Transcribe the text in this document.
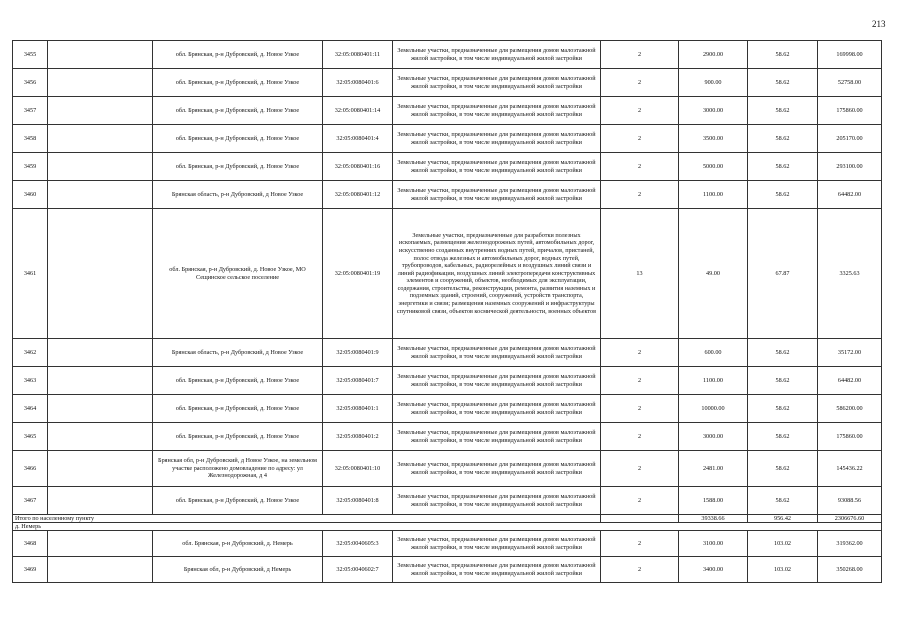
213
3455		обл. Брянская, р-н Дубровский, д. Новое Узкое	32:05:0080401:11	Земельные участки, предназначенные для размещения домов малоэтажной жилой застройки, в том числе индивидуальной жилой застройки	2	2900.00	58.62	169998.00
3456		обл. Брянская, р-н Дубровский, д. Новое Узкое	32:05:0080401:6	Земельные участки, предназначенные для размещения домов малоэтажной жилой застройки, в том числе индивидуальной жилой застройки	2	900.00	58.62	52758.00
3457		обл. Брянская, р-н Дубровский, д. Новое Узкое	32:05:0080401:14	Земельные участки, предназначенные для размещения домов малоэтажной жилой застройки, в том числе индивидуальной жилой застройки	2	3000.00	58.62	175860.00
3458		обл. Брянская, р-н Дубровский, д. Новое Узкое	32:05:0080401:4	Земельные участки, предназначенные для размещения домов малоэтажной жилой застройки, в том числе индивидуальной жилой застройки	2	3500.00	58.62	205170.00
3459		обл. Брянская, р-н Дубровский, д. Новое Узкое	32:05:0080401:16	Земельные участки, предназначенные для размещения домов малоэтажной жилой застройки, в том числе индивидуальной жилой застройки	2	5000.00	58.62	293100.00
3460		Брянская область, р-н Дубровский, д Новое Узкое	32:05:0080401:12	Земельные участки, предназначенные для размещения домов малоэтажной жилой застройки, в том числе индивидуальной жилой застройки	2	1100.00	58.62	64482.00
3461		обл. Брянская, р-н Дубровский, д. Новое Узкое, МО Сещинское сельское поселение	32:05:0080401:19	Земельные участки, предназначенные для разработки полезных ископаемых, размещения железнодорожных путей, автомобильных дорог, искусственно созданных внутренних водных путей, причалов, пристаней, полос отвода железных и автомобильных дорог, водных путей, трубопроводов, кабельных, радиорелейных и воздушных линий связи и линий радиофикации, воздушных линий электропередачи конструктивных элементов и сооружений, объектов, необходимых для эксплуатации, содержания, строительства, реконструкции, ремонта, развития наземных и подземных зданий, строений, сооружений, устройств транспорта, энергетики и связи; размещения наземных сооружений и инфраструктуры спутниковой связи, объектов космической деятельности, военных объектов	13	49.00	67.87	3325.63
3462		Брянская область, р-н Дубровский, д Новое Узкое	32:05:0080401:9	Земельные участки, предназначенные для размещения домов малоэтажной жилой застройки, в том числе индивидуальной жилой застройки	2	600.00	58.62	35172.00
3463		обл. Брянская, р-н Дубровский, д. Новое Узкое	32:05:0080401:7	Земельные участки, предназначенные для размещения домов малоэтажной жилой застройки, в том числе индивидуальной жилой застройки	2	1100.00	58.62	64482.00
3464		обл. Брянская, р-н Дубровский, д. Новое Узкое	32:05:0080401:1	Земельные участки, предназначенные для размещения домов малоэтажной жилой застройки, в том числе индивидуальной жилой застройки	2	10000.00	58.62	586200.00
3465		обл. Брянская, р-н Дубровский, д. Новое Узкое	32:05:0080401:2	Земельные участки, предназначенные для размещения домов малоэтажной жилой застройки, в том числе индивидуальной жилой застройки	2	3000.00	58.62	175860.00
3466		Брянская обл, р-н Дубровский, д Новое Узкое, на земельном участке расположено домовладение по адресу: ул Железнодорожная, д 4	32:05:0080401:10	Земельные участки, предназначенные для размещения домов малоэтажной жилой застройки, в том числе индивидуальной жилой застройки	2	2481.00	58.62	145436.22
3467		обл. Брянская, р-н Дубровский, д. Новое Узкое	32:05:0080401:8	Земельные участки, предназначенные для размещения домов малоэтажной жилой застройки, в том числе индивидуальной жилой застройки	2	1588.00	58.62	93088.56
Итого по населенному пункту						39338.66	956.42	2306676.60
д. Немерь								
3468		обл. Брянская, р-н Дубровский, д. Немерь	32:05:0040605:3	Земельные участки, предназначенные для размещения домов малоэтажной жилой застройки, в том числе индивидуальной жилой застройки	2	3100.00	103.02	319362.00
3469		Брянская обл, р-н Дубровский, д Немерь	32:05:0040602:7	Земельные участки, предназначенные для размещения домов малоэтажной жилой застройки, в том числе индивидуальной жилой застройки	2	3400.00	103.02	350268.00
